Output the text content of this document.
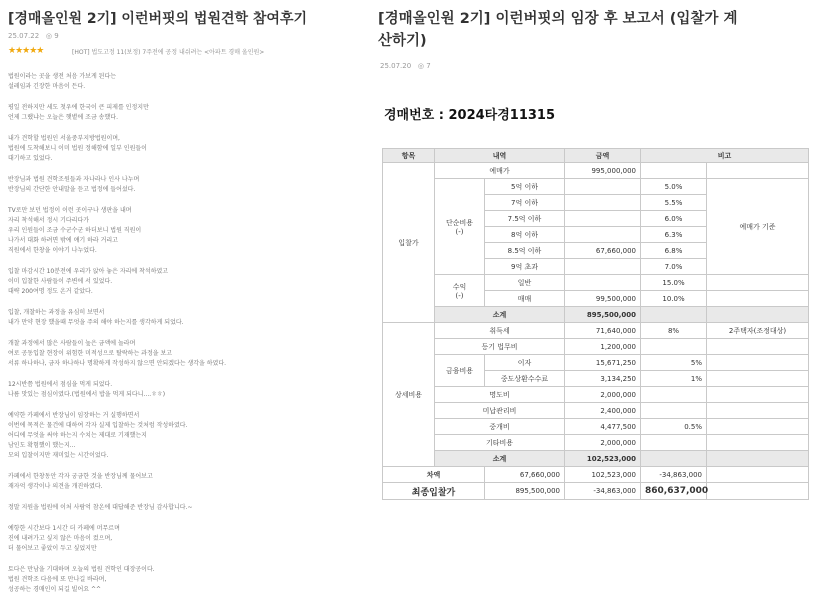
[경매올인원 2기] 이런버핏의 법원견학 참여후기
25.07.22 ◎ 9
★★★★★	[HOT] 법도고정 11(보정) 7주전에 공정 내쉬려는 <아파트 경매 올인원>
법원이라는 곳을 생전 처음 가보게 된다는
설레임과 긴장한 마음이 든다.
평일 전하지만 세도 첫우에 한국이 큰 피제를 인정지만
언제 그랬냐는 오늘은 햇볕에 조금 송했다.
내가 견학할 법원인 서울중부지방법원이며,
법원에 도착해보니 이미 법원 정해함에 일부 인원들이
대기하고 있었다.
반장님과 법원 견학조원들과 자나라나 인사 나누며
반장님의 간단한 안내말을 듣고 법정에 들어섰다.
TV로만 보던 법정이 이런 곳이구나 생판을 내며
자리 착석해서 정시 기다리다가
우리 인원들이 조금 수군수군 하더보니 법원 직원이
나가서 대화 하려면 밖에 얘기 하라 거리고
직원에서 한창을 이야기 나누었다.
입찰 마감시간 10분전에 우리가 앉아 놓은 자리에 착석하였고
이미 입찰한 사람들이 주변에 서 있었다.
대략 200여명 정도 온거 같았다.
입찰, 개찰하는 과정을 유심히 보면서
내가 만약 현장 했을때 무엇을 주의 해야 하는지를 생각하게 되었다.
개찰 과정에서 많은 사람들이 높은 금액에 놀라며
여로 공동입찰 현장이 위험한 미적성으로 탈락하는 과정을 보고
서류 하나하나, 금자 하나하나 명확하게 작성하지 않으면 안되겠다는 생각을 하였다.
12시반쯤 법원에서 점심을 먹게 되었다.
나름 맛있는 점심이였다.(법원에서 밥을 먹게 되다니....ㅎㅎ)
예약한 카페에서 반장님이 임장하는 거 실행하면서
이번에 목적은 물건에 대하여 각자 실제 입찰하는 것처럼 작성하였다.
어디에 무엇을 써야 하는지 수치는 제대로 기재했는지
남인도 확험했이 했는지...
모의 입찰이지만 재미있는 시간이었다.
카페에서 한창동안 각자 궁금한 것을 반장님께 물어보고
재자억 생각이나 의견을 개진하였다.
정말 지원을 법원에 이처 사람억 참온에 대답해준 반장님 감사합니다.~
예항한 시간보다 1시간 더 카페에 머무르며
진에 내려가고 싶지 않은 마음이 컸으며,
더 물어보고 좋았이 두고 싶었지만
토다은 만남을 기대하며 오늘의 법원 견학인 대장공이다.
법원 견학조 다음에 또 만나길 바라며,
성공하는 경매인이 되길 빌어요 ^^
[경매올인원 2기] 이런버핏의 임장 후 보고서 (입찰가 계
산하기)
25.07.20 ◎ 7
경매번호 : 2024타경11315
항목	내역		금액	비고	
입찰가	예매가		995,000,000		
	단순비용
(-)	5억 이하		5.0%	예매가 기준
		7억 이하		5.5%	
		7.5억 이하		6.0%	
		8억 이하		6.3%	
		8.5억 이하	67,660,000	6.8%	
		9억 초과		7.0%	
	수익
(-)	일반		15.0%	
		매매	99,500,000	10.0%	
	소계		895,500,000		
상세비용	취득세		71,640,000	8%	2주택자(조정대상)
	등기 법무비		1,200,000		
	금융비용	이자	15,671,250	5%	
		중도상환수수료	3,134,250	1%	
	명도비		2,000,000		
	미납관리비		2,400,000		
	중개비		4,477,500	0.5%	
	기타비용		2,000,000		
	소계		102,523,000		
차액		67,660,000	102,523,000	-34,863,000	
최종입찰가		895,500,000	-34,863,000	860,637,000	
